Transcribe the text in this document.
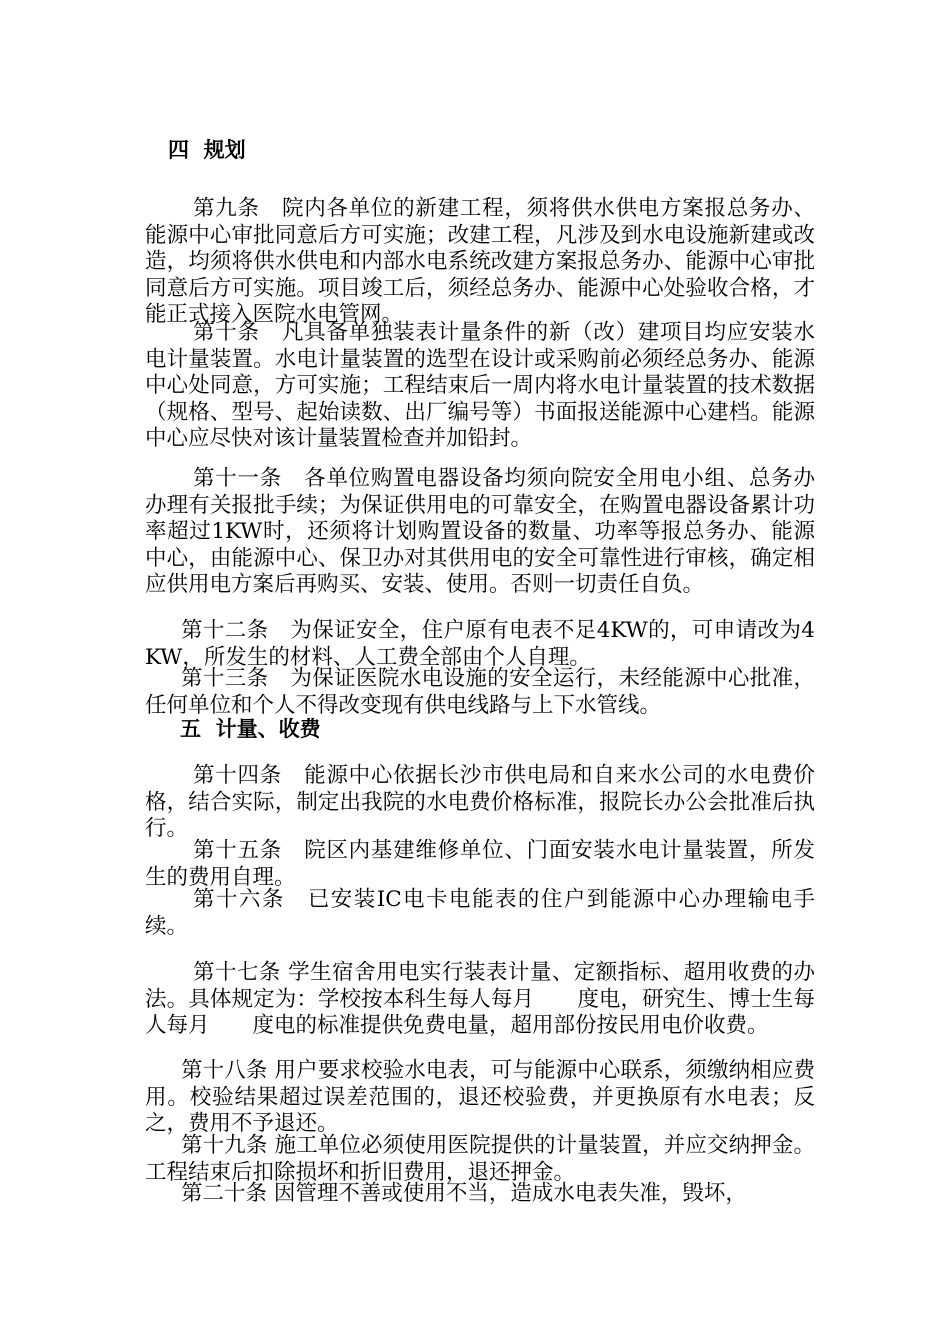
四  规划
第九条　院内各单位的新建工程，须将供水供电方案报总务办、能源中心审批同意后方可实施；改建工程，凡涉及到水电设施新建或改造，均须将供水供电和内部水电系统改建方案报总务办、能源中心审批同意后方可实施。项目竣工后，须经总务办、能源中心处验收合格，才能正式接入医院水电管网。
第十条　凡具备单独装表计量条件的新（改）建项目均应安装水电计量装置。水电计量装置的选型在设计或采购前必须经总务办、能源中心处同意，方可实施；工程结束后一周内将水电计量装置的技术数据（规格、型号、起始读数、出厂编号等）书面报送能源中心建档。能源中心应尽快对该计量装置检查并加铅封。
第十一条　各单位购置电器设备均须向院安全用电小组、总务办办理有关报批手续；为保证供用电的可靠安全，在购置电器设备累计功率超过1KW时，还须将计划购置设备的数量、功率等报总务办、能源中心，由能源中心、保卫办对其供用电的安全可靠性进行审核，确定相应供用电方案后再购买、安装、使用。否则一切责任自负。
第十二条　为保证安全，住户原有电表不足4KW的，可申请改为4KW，所发生的材料、人工费全部由个人自理。
第十三条　为保证医院水电设施的安全运行，未经能源中心批准，任何单位和个人不得改变现有供电线路与上下水管线。
五  计量、收费
第十四条　能源中心依据长沙市供电局和自来水公司的水电费价格，结合实际，制定出我院的水电费价格标准，报院长办公会批准后执行。
第十五条　院区内基建维修单位、门面安装水电计量装置，所发生的费用自理。
第十六条　已安装IC电卡电能表的住户到能源中心办理输电手续。
第十七条 学生宿舍用电实行装表计量、定额指标、超用收费的办法。具体规定为：学校按本科生每人每月　　度电，研究生、博士生每人每月　　度电的标准提供免费电量，超用部份按民用电价收费。
第十八条 用户要求校验水电表，可与能源中心联系，须缴纳相应费用。校验结果超过误差范围的，退还校验费，并更换原有水电表；反之，费用不予退还。
第十九条 施工单位必须使用医院提供的计量装置，并应交纳押金。工程结束后扣除损坏和折旧费用，退还押金。
第二十条 因管理不善或使用不当，造成水电表失准，毁坏，
